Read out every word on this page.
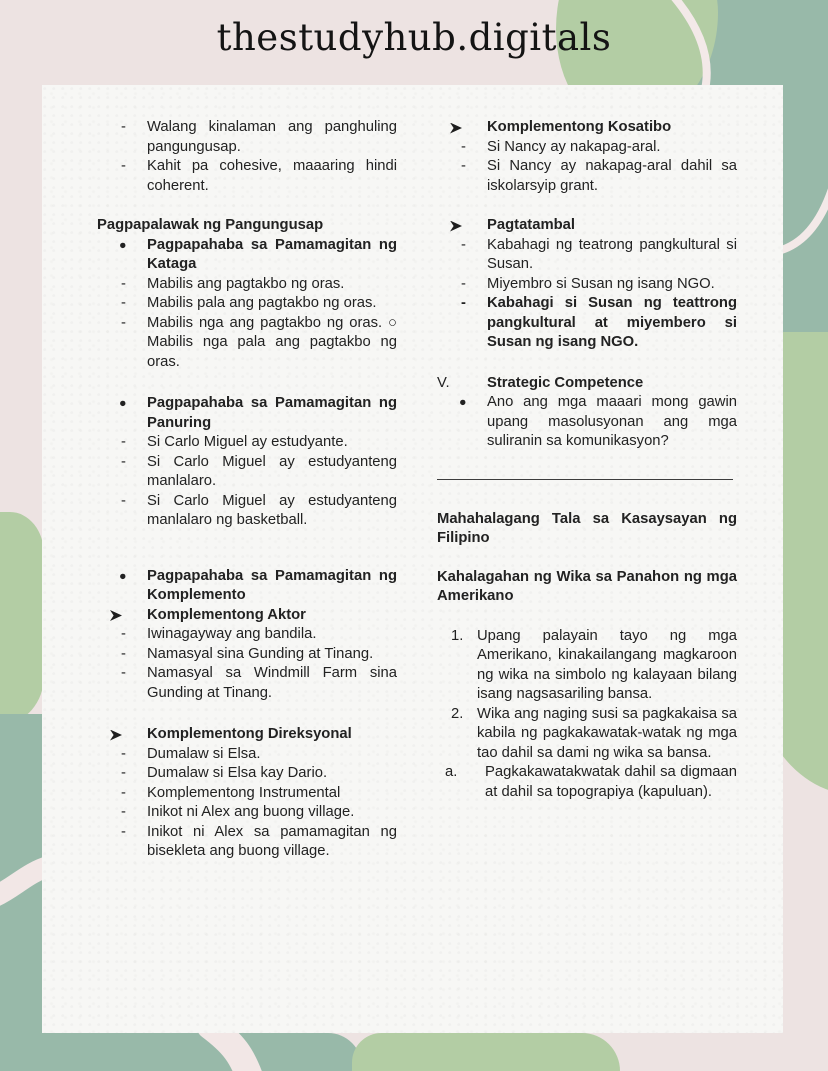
thestudyhub.digitals
- Walang kinalaman ang panghuling pangungusap.
- Kahit pa cohesive, maaaring hindi coherent.
Pagpapalawak ng Pangungusap
● Pagpapahaba sa Pamamagitan ng Kataga
- Mabilis ang pagtakbo ng oras.
- Mabilis pala ang pagtakbo ng oras.
- Mabilis nga ang pagtakbo ng oras. ○ Mabilis nga pala ang pagtakbo ng oras.
● Pagpapahaba sa Pamamagitan ng Panuring
- Si Carlo Miguel ay estudyante.
- Si Carlo Miguel ay estudyanteng manlalaro.
- Si Carlo Miguel ay estudyanteng manlalaro ng basketball.
● Pagpapahaba sa Pamamagitan ng Komplemento
Komplementong Aktor
- Iwinagayway ang bandila.
- Namasyal sina Gunding at Tinang.
- Namasyal sa Windmill Farm sina Gunding at Tinang.
Komplementong Direksyonal
- Dumalaw si Elsa.
- Dumalaw si Elsa kay Dario.
- Komplementong Instrumental
- Inikot ni Alex ang buong village.
- Inikot ni Alex sa pamamagitan ng bisekleta ang buong village.
Komplementong Kosatibo
- Si Nancy ay nakapag-aral.
- Si Nancy ay nakapag-aral dahil sa iskolarsyip grant.
Pagtatambal
- Kabahagi ng teatrong pangkultural si Susan.
- Miyembro si Susan ng isang NGO.
- Kabahagi si Susan ng teattrong pangkultural at miyembero si Susan ng isang NGO.
V.	Strategic Competence
● Ano ang mga maaari mong gawin upang masolusyonan ang mga suliranin sa komunikasyon?
Mahahalagang Tala sa Kasaysayan ng Filipino
Kahalagahan ng Wika sa Panahon ng mga Amerikano
1. Upang palayain tayo ng mga Amerikano, kinakailangang magkaroon ng wika na simbolo ng kalayaan bilang isang nagsasariling bansa.
2. Wika ang naging susi sa pagkakaisa sa kabila ng pagkakawatak-watak ng mga tao dahil sa dami ng wika sa bansa.
a. Pagkakawatakwatak dahil sa digmaan at dahil sa topograpiya (kapuluan).
